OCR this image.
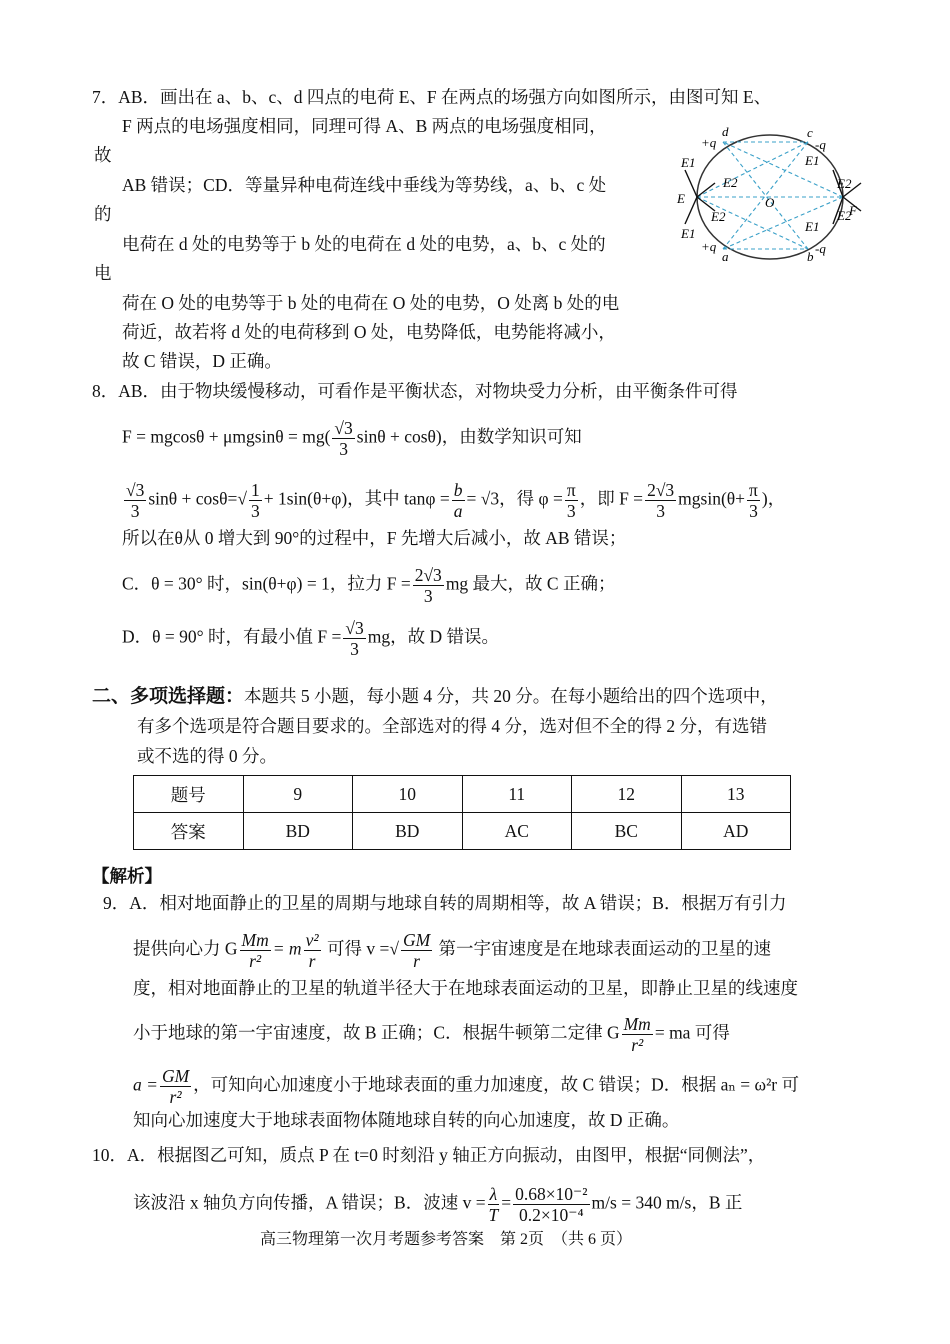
7．AB．画出在 a、b、c、d 四点的电荷 E、F 在两点的场强方向如图所示，由图可知 E、
F 两点的电场强度相同，同理可得 A、B 两点的电场强度相同，
故
AB 错误；CD．等量异种电荷连线中垂线为等势线，a、b、c 处
的
电荷在 d 处的电势等于 b 处的电荷在 d 处的电势，a、b、c 处的
电
荷在 O 处的电势等于 b 处的电荷在 O 处的电势，O 处离 b 处的电
荷近，故若将 d 处的电荷移到 O 处，电势降低，电势能将减小，
故 C 错误，D 正确。
d
+q
c
-q
a
+q
b
-q
E
F
O
E1
E1
E2
E2
E1
E1
E2
E2
8．AB．由于物块缓慢移动，可看作是平衡状态，对物块受力分析，由平衡条件可得
$F = mgcos\theta + \mu mgsin\theta = mg( \frac{√3}{3}$ sinθ + cosθ)，由数学知识可知
$\frac{√3}{3}$ $\sin\theta + \cos\theta=√ \frac{1}{3} + 1\sin(\theta+\varphi)$，其中 $\tan\varphi = \frac{b}{a} = √3$，得 $\varphi = \frac{\pi}{3}$ ，即 $F = \frac{2√3}{3} mgsin(\theta+ \frac{\pi}{3}$ )，
所以在θ从 0 增大到 90°的过程中，F 先增大后减小，故 AB 错误；
C．θ = 30° 时，sin(θ+φ) = 1，拉力 $F = \frac{2√3}{3}$ mg 最大，故 C 正确；
D．θ = 90° 时，有最小值 $F = \frac{√3}{3}$ mg，故 D 错误。
二、多项选择题：本题共 5 小题，每小题 4 分，共 20 分。在每小题给出的四个选项中，
有多个选项是符合题目要求的。全部选对的得 4 分，选对但不全的得 2 分，有选错
或不选的得 0 分。
题号	9	10	11	12	13
答案	BD	BD	AC	BC	AD
【解析】
9．A．相对地面静止的卫星的周期与地球自转的周期相等，故 A 错误；B．根据万有引力
提供向心力 G $\frac{Mm}{\text{r²}} = m \frac{\text{v²}}{r}$ 可得 v =√ $\frac{GM}{r}$ 第一宇宙速度是在地球表面运动的卫星的速
度，相对地面静止的卫星的轨道半径大于在地球表面运动的卫星，即静止卫星的线速度
小于地球的第一宇宙速度，故 B 正确；C．根据牛顿第二定律 G $\frac{Mm}{\text{r²}}$ = ma 可得
$a = \frac{GM}{\text{r²}}$ ，可知向心加速度小于地球表面的重力加速度，故 C 错误；D．根据 aₙ = ω²r 可
知向心加速度大于地球表面物体随地球自转的向心加速度，故 D 正确。
10．A．根据图乙可知，质点 P 在 t=0 时刻沿 y 轴正方向振动，由图甲，根据“同侧法”，
该波沿 x 轴负方向传播，A 错误；B．波速 $v = \frac{\lambda}{T} = \frac{\text{0.68×10⁻²}}{\text{0.2×10⁻⁴}} m/s = 340$ m/s，B 正
高三物理第一次月考题参考答案　第 2页　（共 6 页）
